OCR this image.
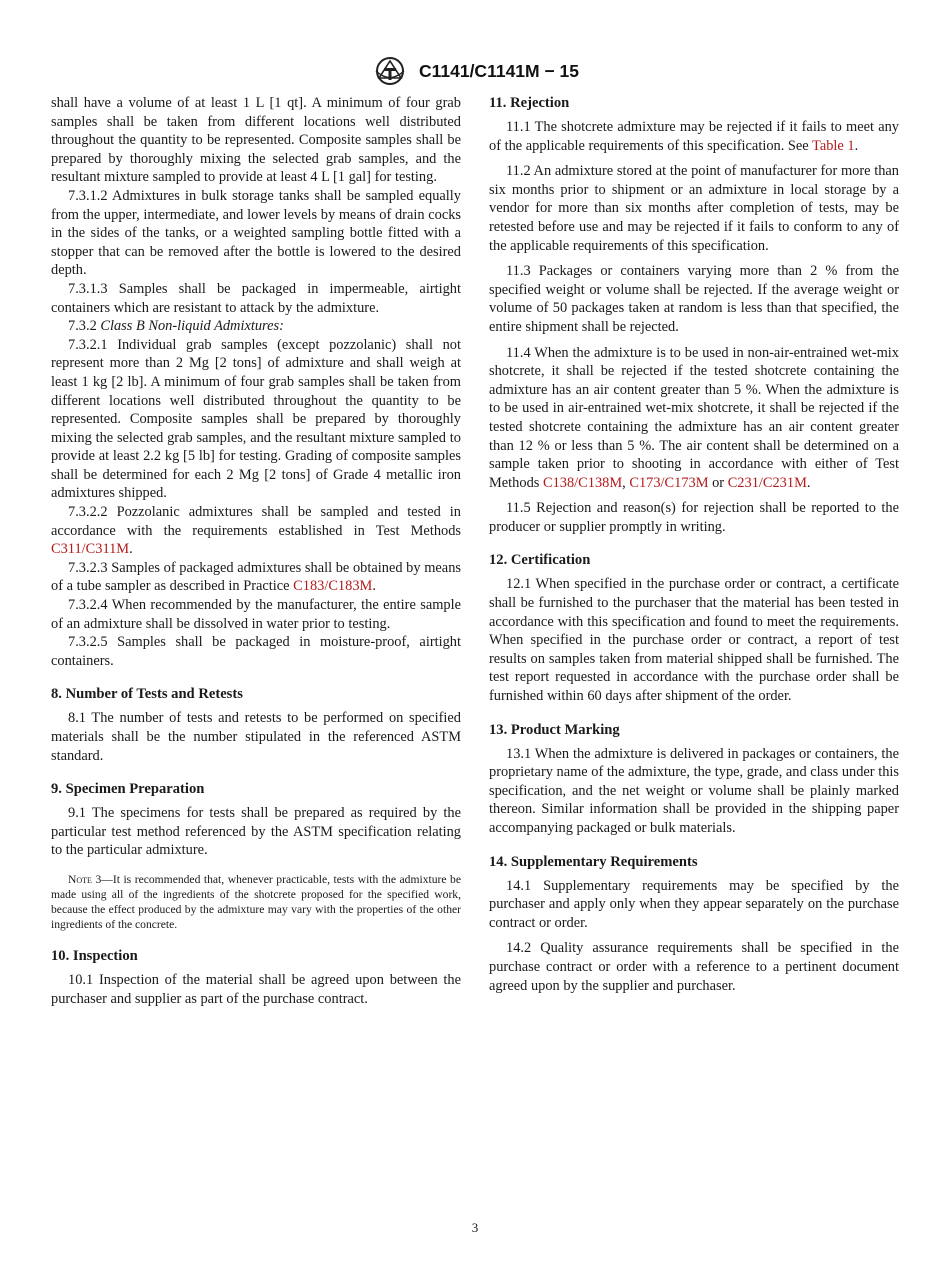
C1141/C1141M − 15

shall have a volume of at least 1 L [1 qt]. A minimum of four grab samples shall be taken from different locations well distributed throughout the quantity to be represented. Composite samples shall be prepared by thoroughly mixing the selected grab samples, and the resultant mixture sampled to provide at least 4 L [1 gal] for testing.

7.3.1.2 Admixtures in bulk storage tanks shall be sampled equally from the upper, intermediate, and lower levels by means of drain cocks in the sides of the tanks, or a weighted sampling bottle fitted with a stopper that can be removed after the bottle is lowered to the desired depth.

7.3.1.3 Samples shall be packaged in impermeable, airtight containers which are resistant to attack by the admixture.

7.3.2 Class B Non-liquid Admixtures:

7.3.2.1 Individual grab samples (except pozzolanic) shall not represent more than 2 Mg [2 tons] of admixture and shall weigh at least 1 kg [2 lb]. A minimum of four grab samples shall be taken from different locations well distributed throughout the quantity to be represented. Composite samples shall be prepared by thoroughly mixing the selected grab samples, and the resultant mixture sampled to provide at least 2.2 kg [5 lb] for testing. Grading of composite samples shall be determined for each 2 Mg [2 tons] of Grade 4 metallic iron admixtures shipped.

7.3.2.2 Pozzolanic admixtures shall be sampled and tested in accordance with the requirements established in Test Methods C311/C311M.

7.3.2.3 Samples of packaged admixtures shall be obtained by means of a tube sampler as described in Practice C183/C183M.

7.3.2.4 When recommended by the manufacturer, the entire sample of an admixture shall be dissolved in water prior to testing.

7.3.2.5 Samples shall be packaged in moisture-proof, airtight containers.

8. Number of Tests and Retests

8.1 The number of tests and retests to be performed on specified materials shall be the number stipulated in the referenced ASTM standard.

9. Specimen Preparation

9.1 The specimens for tests shall be prepared as required by the particular test method referenced by the ASTM specification relating to the particular admixture.

Note 3—It is recommended that, whenever practicable, tests with the admixture be made using all of the ingredients of the shotcrete proposed for the specified work, because the effect produced by the admixture may vary with the properties of the other ingredients of the concrete.
10. Inspection

10.1 Inspection of the material shall be agreed upon between the purchaser and supplier as part of the purchase contract.

11. Rejection

11.1 The shotcrete admixture may be rejected if it fails to meet any of the applicable requirements of this specification. See Table 1.

11.2 An admixture stored at the point of manufacturer for more than six months prior to shipment or an admixture in local storage by a vendor for more than six months after completion of tests, may be retested before use and may be rejected if it fails to conform to any of the applicable requirements of this specification.

11.3 Packages or containers varying more than 2 % from the specified weight or volume shall be rejected. If the average weight or volume of 50 packages taken at random is less than that specified, the entire shipment shall be rejected.

11.4 When the admixture is to be used in non-air-entrained wet-mix shotcrete, it shall be rejected if the tested shotcrete containing the admixture has an air content greater than 5 %. When the admixture is to be used in air-entrained wet-mix shotcrete, it shall be rejected if the tested shotcrete containing the admixture has an air content greater than 12 % or less than 5 %. The air content shall be determined on a sample taken prior to shooting in accordance with either of Test Methods C138/C138M, C173/C173M or C231/C231M.

11.5 Rejection and reason(s) for rejection shall be reported to the producer or supplier promptly in writing.

12. Certification

12.1 When specified in the purchase order or contract, a certificate shall be furnished to the purchaser that the material has been tested in accordance with this specification and found to meet the requirements. When specified in the purchase order or contract, a report of test results on samples taken from material shipped shall be furnished. The test report requested in accordance with the purchase order shall be furnished within 60 days after shipment of the order.

13. Product Marking

13.1 When the admixture is delivered in packages or containers, the proprietary name of the admixture, the type, grade, and class under this specification, and the net weight or volume shall be plainly marked thereon. Similar information shall be provided in the shipping paper accompanying packaged or bulk materials.

14. Supplementary Requirements

14.1 Supplementary requirements may be specified by the purchaser and apply only when they appear separately on the purchase contract or order.

14.2 Quality assurance requirements shall be specified in the purchase contract or order with a reference to a pertinent document agreed upon by the supplier and purchaser.

3
